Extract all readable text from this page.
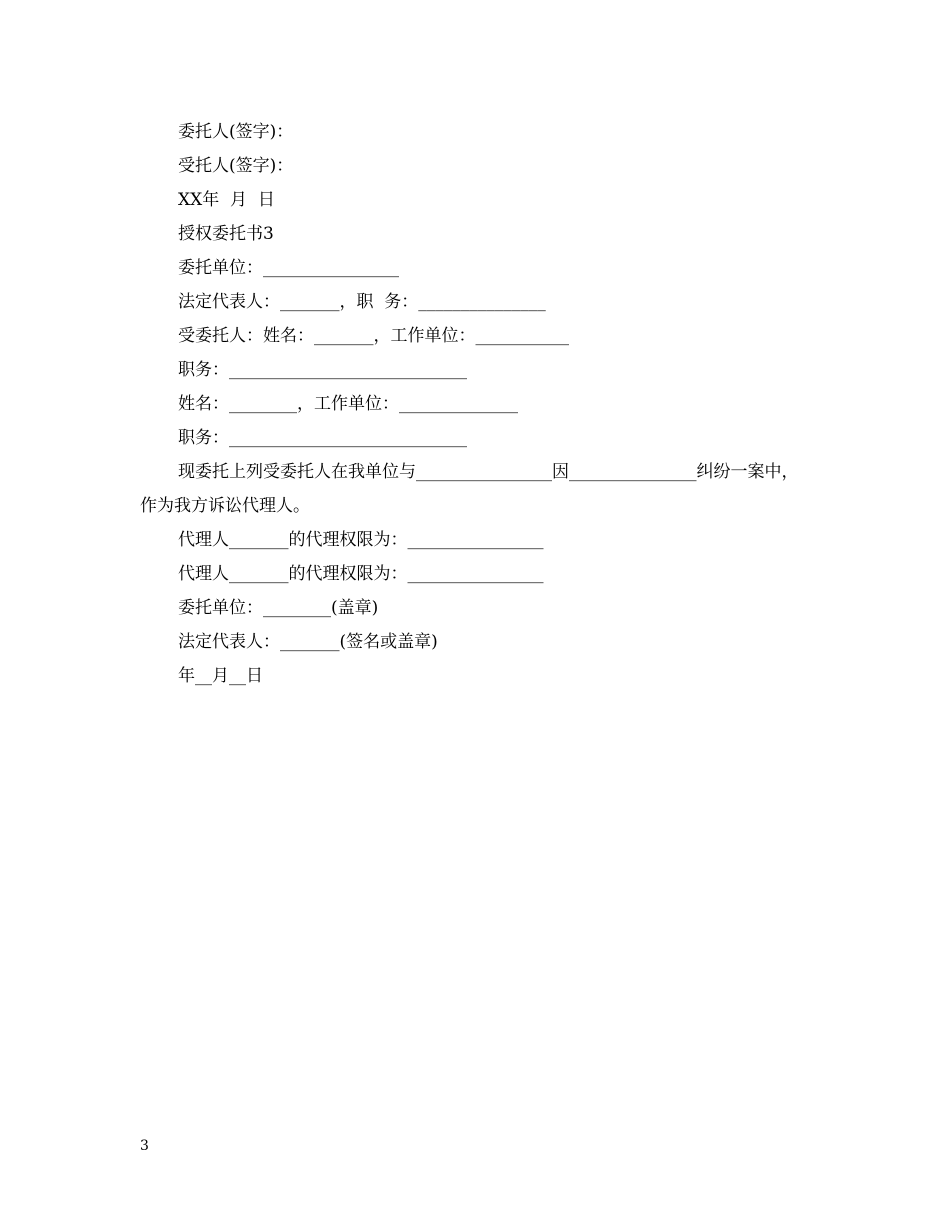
委托人(签字)：
受托人(签字)：
XX年  月  日
授权委托书3
委托单位：________________
法定代表人：_______，职  务：_______________
受委托人：姓名：_______，工作单位：___________
职务：____________________________
姓名：________，工作单位：______________
职务：____________________________
现委托上列受委托人在我单位与________________因_______________纠纷一案中，作为我方诉讼代理人。
代理人_______的代理权限为：________________
代理人_______的代理权限为：________________
委托单位：________(盖章)
法定代表人：_______(签名或盖章)
年__月__日
3
